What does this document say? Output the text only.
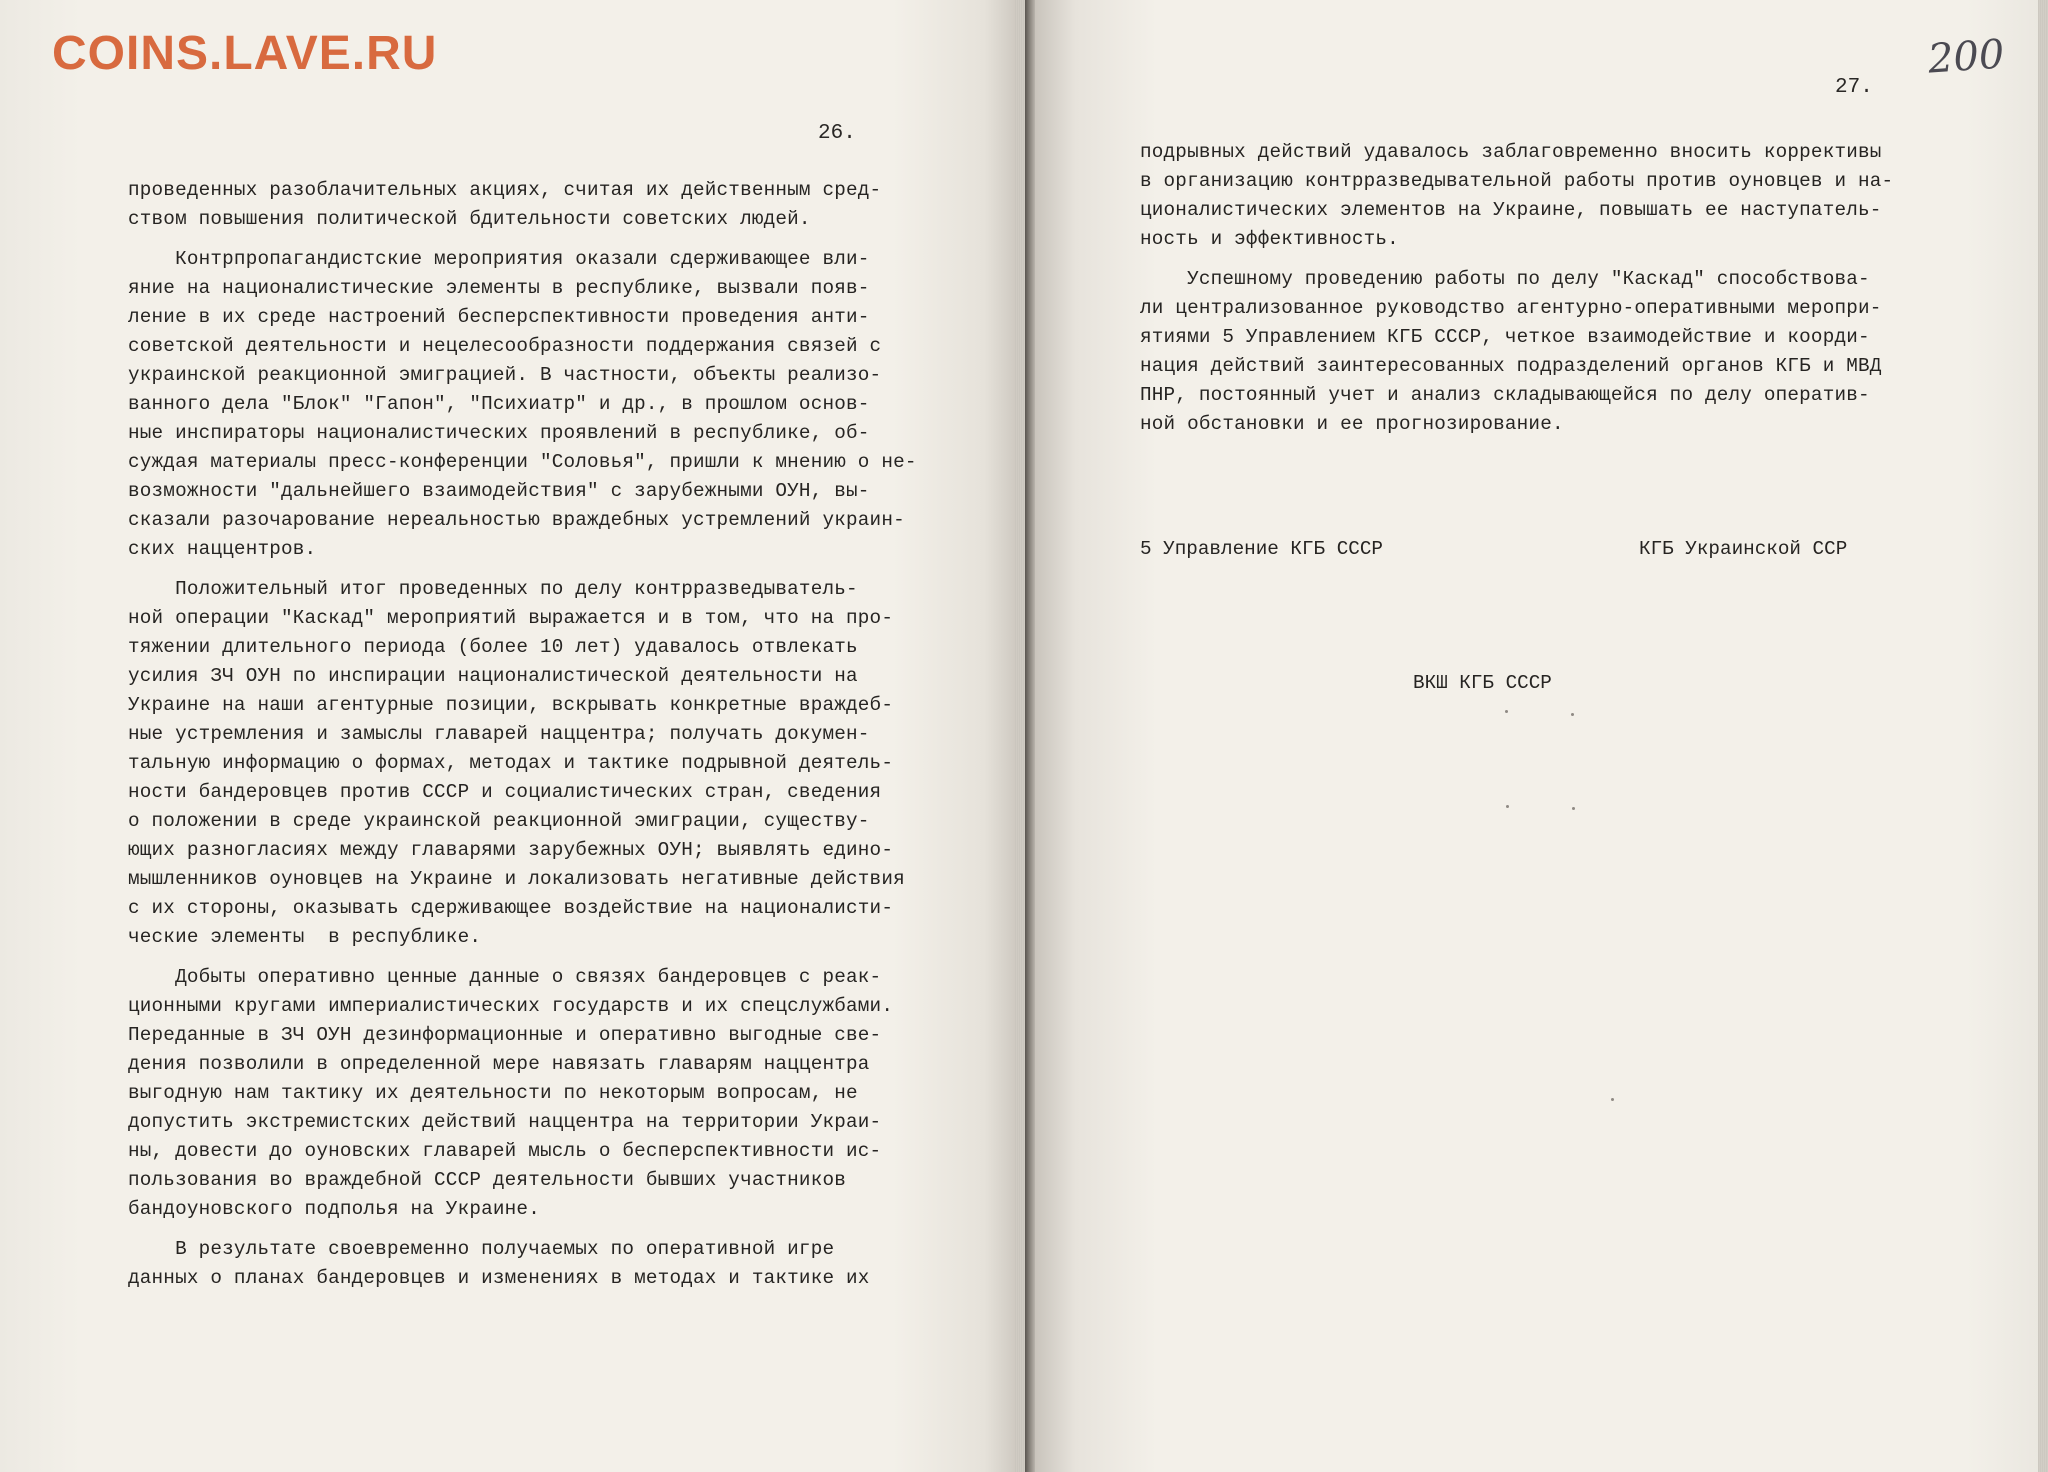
COINS.LAVE.RU
26.
проведенных разоблачительных акциях, считая их действенным сред-
ством повышения политической бдительности советских людей.
Контрпропагандистские мероприятия оказали сдерживающее вли-
яние на националистические элементы в республике, вызвали появ-
ление в их среде настроений бесперспективности проведения анти-
советской деятельности и нецелесообразности поддержания связей с
украинской реакционной эмиграцией. В частности, объекты реализо-
ванного дела "Блок" "Гапон", "Психиатр" и др., в прошлом основ-
ные инспираторы националистических проявлений в республике, об-
суждая материалы пресс-конференции "Соловья", пришли к мнению о не-
возможности "дальнейшего взаимодействия" с зарубежными ОУН, вы-
сказали разочарование нереальностью враждебных устремлений украин-
ских наццентров.
Положительный итог проведенных по делу контрразведыватель-
ной операции "Каскад" мероприятий выражается и в том, что на про-
тяжении длительного периода (более 10 лет) удавалось отвлекать
усилия ЗЧ ОУН по инспирации националистической деятельности на
Украине на наши агентурные позиции, вскрывать конкретные враждеб-
ные устремления и замыслы главарей наццентра; получать докумен-
тальную информацию о формах, методах и тактике подрывной деятель-
ности бандеровцев против СССР и социалистических стран, сведения
о положении в среде украинской реакционной эмиграции, существу-
ющих разногласиях между главарями зарубежных ОУН; выявлять едино-
мышленников оуновцев на Украине и локализовать негативные действия
с их стороны, оказывать сдерживающее воздействие на националисти-
ческие элементы  в республике.
Добыты оперативно ценные данные о связях бандеровцев с реак-
ционными кругами империалистических государств и их спецслужбами.
Переданные в ЗЧ ОУН дезинформационные и оперативно выгодные све-
дения позволили в определенной мере навязать главарям наццентра
выгодную нам тактику их деятельности по некоторым вопросам, не
допустить экстремистских действий наццентра на территории Украи-
ны, довести до оуновских главарей мысль о бесперспективности ис-
пользования во враждебной СССР деятельности бывших участников
бандоуновского подполья на Украине.
В результате своевременно получаемых по оперативной игре
данных о планах бандеровцев и изменениях в методах и тактике их
27.
подрывных действий удавалось заблаговременно вносить коррективы
в организацию контрразведывательной работы против оуновцев и на-
ционалистических элементов на Украине, повышать ее наступатель-
ность и эффективность.
Успешному проведению работы по делу "Каскад" способствова-
ли централизованное руководство агентурно-оперативными меропри-
ятиями 5 Управлением КГБ СССР, четкое взаимодействие и коорди-
нация действий заинтересованных подразделений органов КГБ и МВД
ПНР, постоянный учет и анализ складывающейся по делу оператив-
ной обстановки и ее прогнозирование.
5 Управление КГБ СССР	КГБ Украинской ССР
ВКШ КГБ СССР
200
